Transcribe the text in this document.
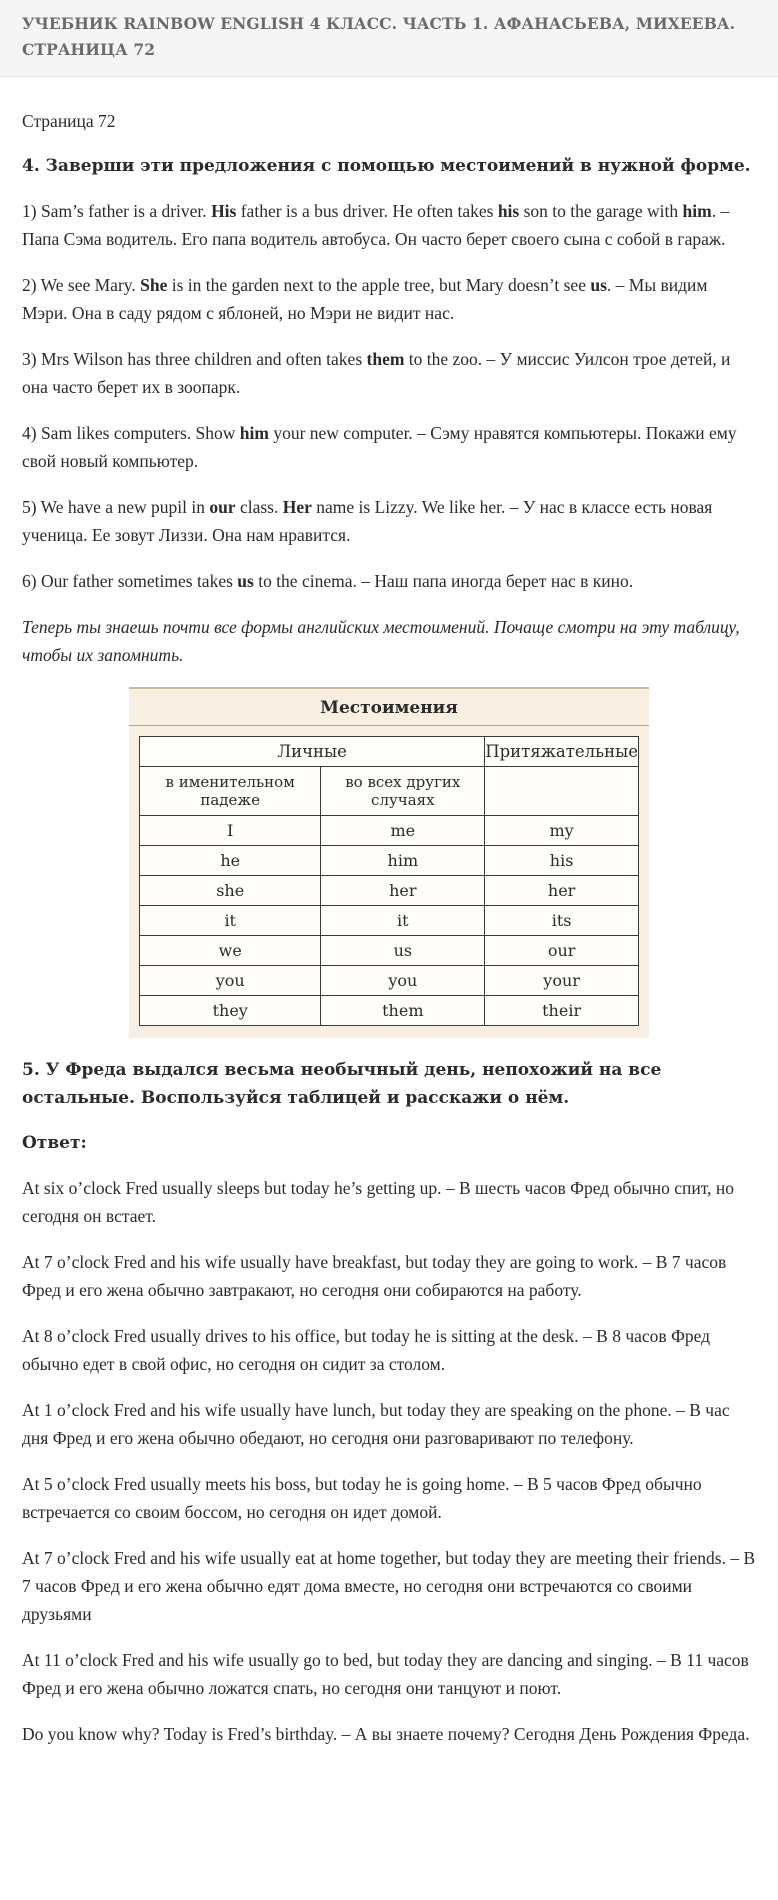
УЧЕБНИК RAINBOW ENGLISH 4 КЛАСС. ЧАСТЬ 1. АФАНАСЬЕВА, МИХЕЕВА. СТРАНИЦА 72

Страница 72

4. Заверши эти предложения с помощью местоимений в нужной форме.

1) Sam’s father is a driver. His father is a bus driver. He often takes his son to the garage with him. – Папа Сэма водитель. Его папа водитель автобуса. Он часто берет своего сына с собой в гараж.

2) We see Mary. She is in the garden next to the apple tree, but Mary doesn’t see us. – Мы видим Мэри. Она в саду рядом с яблоней, но Мэри не видит нас.

3) Mrs Wilson has three children and often takes them to the zoo. – У миссис Уилсон трое детей, и она часто берет их в зоопарк.

4) Sam likes computers. Show him your new computer. – Сэму нравятся компьютеры. Покажи ему свой новый компьютер.

5) We have a new pupil in our class. Her name is Lizzy. We like her. – У нас в классе есть новая ученица. Ее зовут Лиззи. Она нам нравится.

6) Our father sometimes takes us to the cinema. – Наш папа иногда берет нас в кино.

Теперь ты знаешь почти все формы английских местоимений. Почаще смотри на эту таблицу, чтобы их запомнить.

Местоимения
Личные		Притяжательные
в именительном падеже	во всех других случаях	
I	me	my
he	him	his
she	her	her
it	it	its
we	us	our
you	you	your
they	them	their

5. У Фреда выдался весьма необычный день, непохожий на все остальные. Воспользуйся таблицей и расскажи о нём.

Ответ:

At six o’clock Fred usually sleeps but today he’s getting up. – В шесть часов Фред обычно спит, но сегодня он встает.

At 7 o’clock Fred and his wife usually have breakfast, but today they are going to work. – В 7 часов Фред и его жена обычно завтракают, но сегодня они собираются на работу.

At 8 o’clock Fred usually drives to his office, but today he is sitting at the desk. – В 8 часов Фред обычно едет в свой офис, но сегодня он сидит за столом.

At 1 o’clock Fred and his wife usually have lunch, but today they are speaking on the phone. – В час дня Фред и его жена обычно обедают, но сегодня они разговаривают по телефону.

At 5 o’clock Fred usually meets his boss, but today he is going home. – В 5 часов Фред обычно встречается со своим боссом, но сегодня он идет домой.

At 7 o’clock Fred and his wife usually eat at home together, but today they are meeting their friends. – В 7 часов Фред и его жена обычно едят дома вместе, но сегодня они встречаются со своими друзьями

At 11 o’clock Fred and his wife usually go to bed, but today they are dancing and singing. – В 11 часов Фред и его жена обычно ложатся спать, но сегодня они танцуют и поют.

Do you know why? Today is Fred’s birthday. – А вы знаете почему? Сегодня День Рождения Фреда.
